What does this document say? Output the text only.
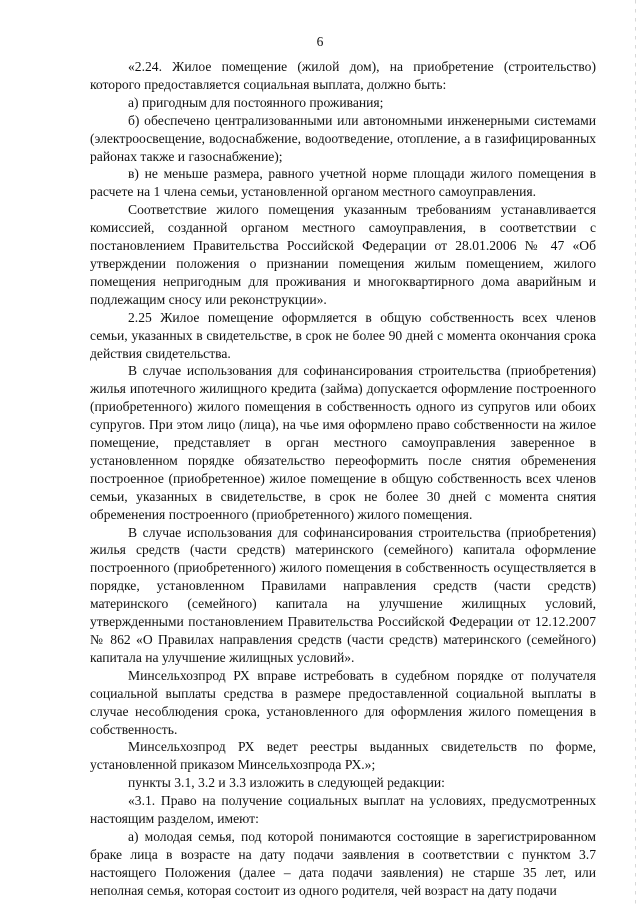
6

«2.24. Жилое помещение (жилой дом), на приобретение (строительство) которого предоставляется социальная выплата, должно быть:

а) пригодным для постоянного проживания;

б) обеспечено централизованными или автономными инженерными системами (электроосвещение, водоснабжение, водоотведение, отопление, а в газифицированных районах также и газоснабжение);

в) не меньше размера, равного учетной норме площади жилого помещения в расчете на 1 члена семьи, установленной органом местного самоуправления.

Соответствие жилого помещения указанным требованиям устанавливается комиссией, созданной органом местного самоуправления, в соответствии с постановлением Правительства Российской Федерации от 28.01.2006 № 47 «Об утверждении положения о признании помещения жилым помещением, жилого помещения непригодным для проживания и многоквартирного дома аварийным и подлежащим сносу или реконструкции».

2.25 Жилое помещение оформляется в общую собственность всех членов семьи, указанных в свидетельстве, в срок не более 90 дней с момента окончания срока действия свидетельства.

В случае использования для софинансирования строительства (приобретения) жилья ипотечного жилищного кредита (займа) допускается оформление построенного (приобретенного) жилого помещения в собственность одного из супругов или обоих супругов. При этом лицо (лица), на чье имя оформлено право собственности на жилое помещение, представляет в орган местного самоуправления заверенное в установленном порядке обязательство переоформить после снятия обременения построенное (приобретенное) жилое помещение в общую собственность всех членов семьи, указанных в свидетельстве, в срок не более 30 дней с момента снятия обременения построенного (приобретенного) жилого помещения.

В случае использования для софинансирования строительства (приобретения) жилья средств (части средств) материнского (семейного) капитала оформление построенного (приобретенного) жилого помещения в собственность осуществляется в порядке, установленном Правилами направления средств (части средств) материнского (семейного) капитала на улучшение жилищных условий, утвержденными постановлением Правительства Российской Федерации от 12.12.2007 № 862 «О Правилах направления средств (части средств) материнского (семейного) капитала на улучшение жилищных условий».

Минсельхозпрод РХ вправе истребовать в судебном порядке от получателя социальной выплаты средства в размере предоставленной социальной выплаты в случае несоблюдения срока, установленного для оформления жилого помещения в собственность.

Минсельхозпрод РХ ведет реестры выданных свидетельств по форме, установленной приказом Минсельхозпрода РХ.»;

пункты 3.1, 3.2 и 3.3 изложить в следующей редакции:

«3.1. Право на получение социальных выплат на условиях, предусмотренных настоящим разделом, имеют:

а) молодая семья, под которой понимаются состоящие в зарегистрированном браке лица в возрасте на дату подачи заявления в соответствии с пунктом 3.7 настоящего Положения (далее – дата подачи заявления) не старше 35 лет, или неполная семья, которая состоит из одного родителя, чей возраст на дату подачи
